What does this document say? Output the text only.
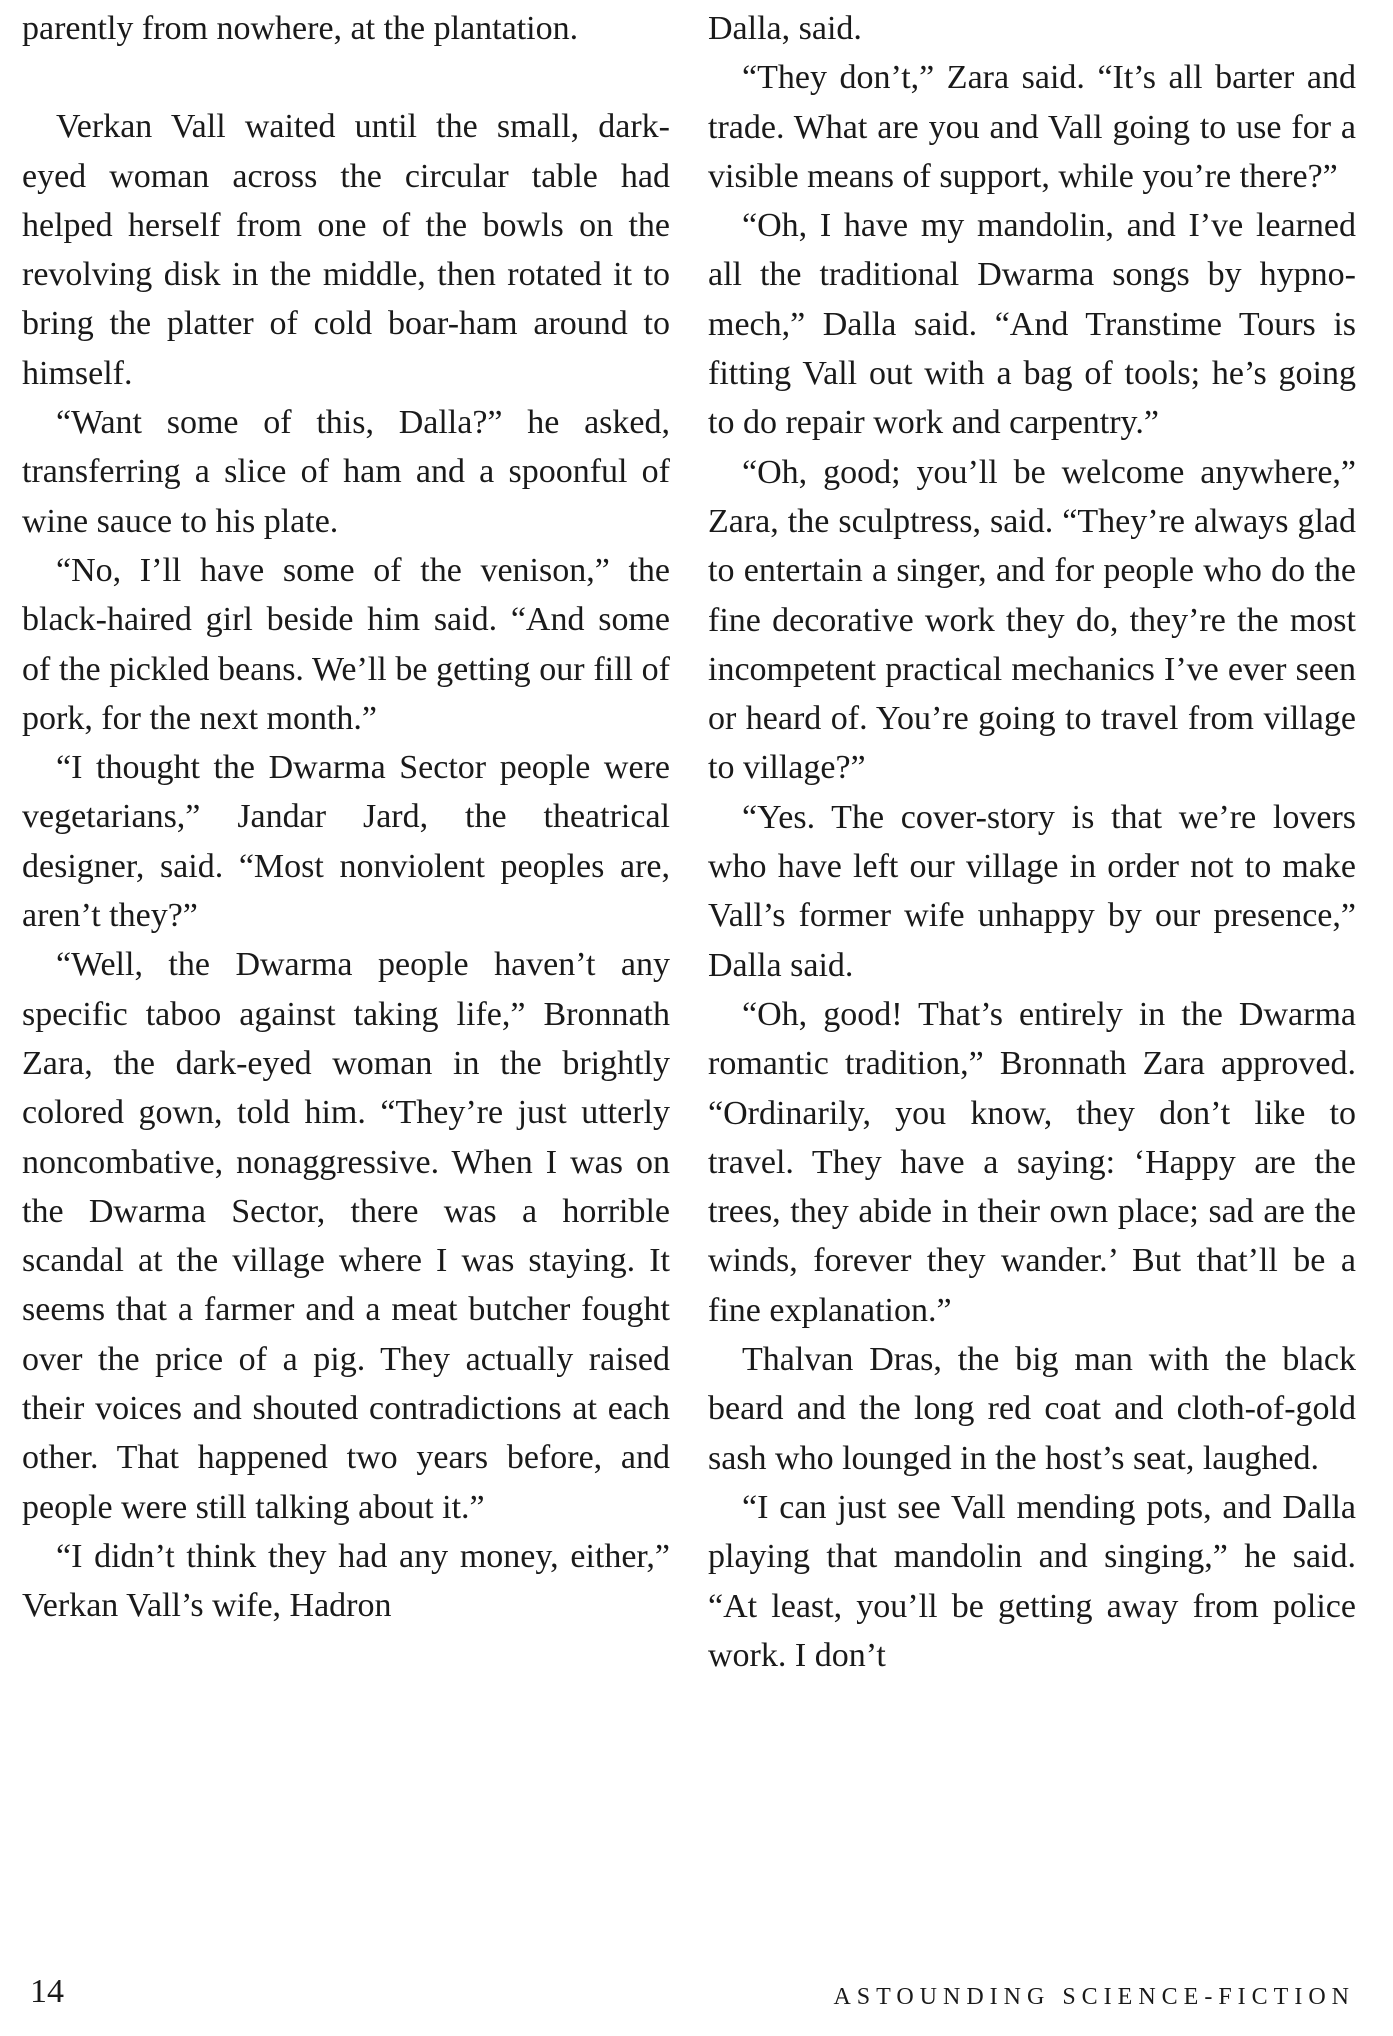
parently from nowhere, at the plantation.

Verkan Vall waited until the small, dark-eyed woman across the circular table had helped herself from one of the bowls on the revolving disk in the middle, then rotated it to bring the platter of cold boar-ham around to himself.

“Want some of this, Dalla?” he asked, transferring a slice of ham and a spoonful of wine sauce to his plate.

“No, I’ll have some of the venison,” the black-haired girl beside him said. “And some of the pickled beans. We’ll be getting our fill of pork, for the next month.”

“I thought the Dwarma Sector people were vegetarians,” Jandar Jard, the theatrical designer, said. “Most nonviolent peoples are, aren’t they?”

“Well, the Dwarma people haven’t any specific taboo against taking life,” Bronnath Zara, the dark-eyed woman in the brightly colored gown, told him. “They’re just utterly noncombative, nonaggressive. When I was on the Dwarma Sector, there was a horrible scandal at the village where I was staying. It seems that a farmer and a meat butcher fought over the price of a pig. They actually raised their voices and shouted contradictions at each other. That happened two years before, and people were still talking about it.”

“I didn’t think they had any money, either,” Verkan Vall’s wife, Hadron

Dalla, said.

“They don’t,” Zara said. “It’s all barter and trade. What are you and Vall going to use for a visible means of support, while you’re there?”

“Oh, I have my mandolin, and I’ve learned all the traditional Dwarma songs by hypno-mech,” Dalla said. “And Transtime Tours is fitting Vall out with a bag of tools; he’s going to do repair work and carpentry.”

“Oh, good; you’ll be welcome anywhere,” Zara, the sculptress, said. “They’re always glad to entertain a singer, and for people who do the fine decorative work they do, they’re the most incompetent practical mechanics I’ve ever seen or heard of. You’re going to travel from village to village?”

“Yes. The cover-story is that we’re lovers who have left our village in order not to make Vall’s former wife unhappy by our presence,” Dalla said.

“Oh, good! That’s entirely in the Dwarma romantic tradition,” Bronnath Zara approved. “Ordinarily, you know, they don’t like to travel. They have a saying: ‘Happy are the trees, they abide in their own place; sad are the winds, forever they wander.’ But that’ll be a fine explanation.”

Thalvan Dras, the big man with the black beard and the long red coat and cloth-of-gold sash who lounged in the host’s seat, laughed.

“I can just see Vall mending pots, and Dalla playing that mandolin and singing,” he said. “At least, you’ll be getting away from police work. I don’t

14	ASTOUNDING SCIENCE-FICTION
